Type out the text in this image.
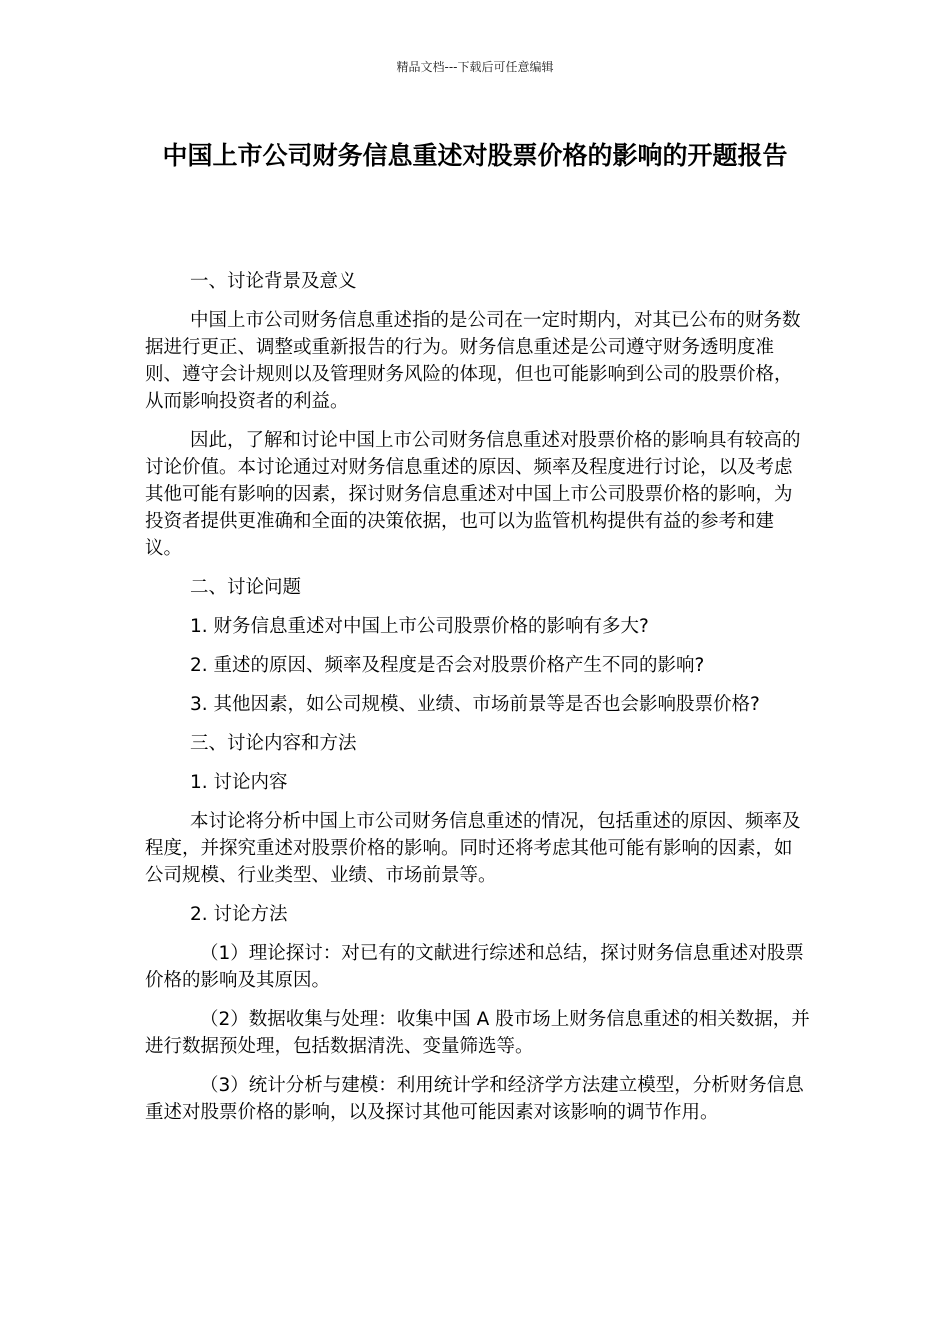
精品文档---下载后可任意编辑
中国上市公司财务信息重述对股票价格的影响的开题报告

一、讨论背景及意义

中国上市公司财务信息重述指的是公司在一定时期内，对其已公布的财务数据进行更正、调整或重新报告的行为。财务信息重述是公司遵守财务透明度准则、遵守会计规则以及管理财务风险的体现，但也可能影响到公司的股票价格，从而影响投资者的利益。

因此，了解和讨论中国上市公司财务信息重述对股票价格的影响具有较高的讨论价值。本讨论通过对财务信息重述的原因、频率及程度进行讨论，以及考虑其他可能有影响的因素，探讨财务信息重述对中国上市公司股票价格的影响，为投资者提供更准确和全面的决策依据，也可以为监管机构提供有益的参考和建议。

二、讨论问题

1. 财务信息重述对中国上市公司股票价格的影响有多大?

2. 重述的原因、频率及程度是否会对股票价格产生不同的影响?

3. 其他因素，如公司规模、业绩、市场前景等是否也会影响股票价格?

三、讨论内容和方法

1. 讨论内容

本讨论将分析中国上市公司财务信息重述的情况，包括重述的原因、频率及程度，并探究重述对股票价格的影响。同时还将考虑其他可能有影响的因素，如公司规模、行业类型、业绩、市场前景等。

2. 讨论方法

（1）理论探讨：对已有的文献进行综述和总结，探讨财务信息重述对股票价格的影响及其原因。

（2）数据收集与处理：收集中国 A 股市场上财务信息重述的相关数据，并进行数据预处理，包括数据清洗、变量筛选等。

（3）统计分析与建模：利用统计学和经济学方法建立模型，分析财务信息重述对股票价格的影响，以及探讨其他可能因素对该影响的调节作用。
